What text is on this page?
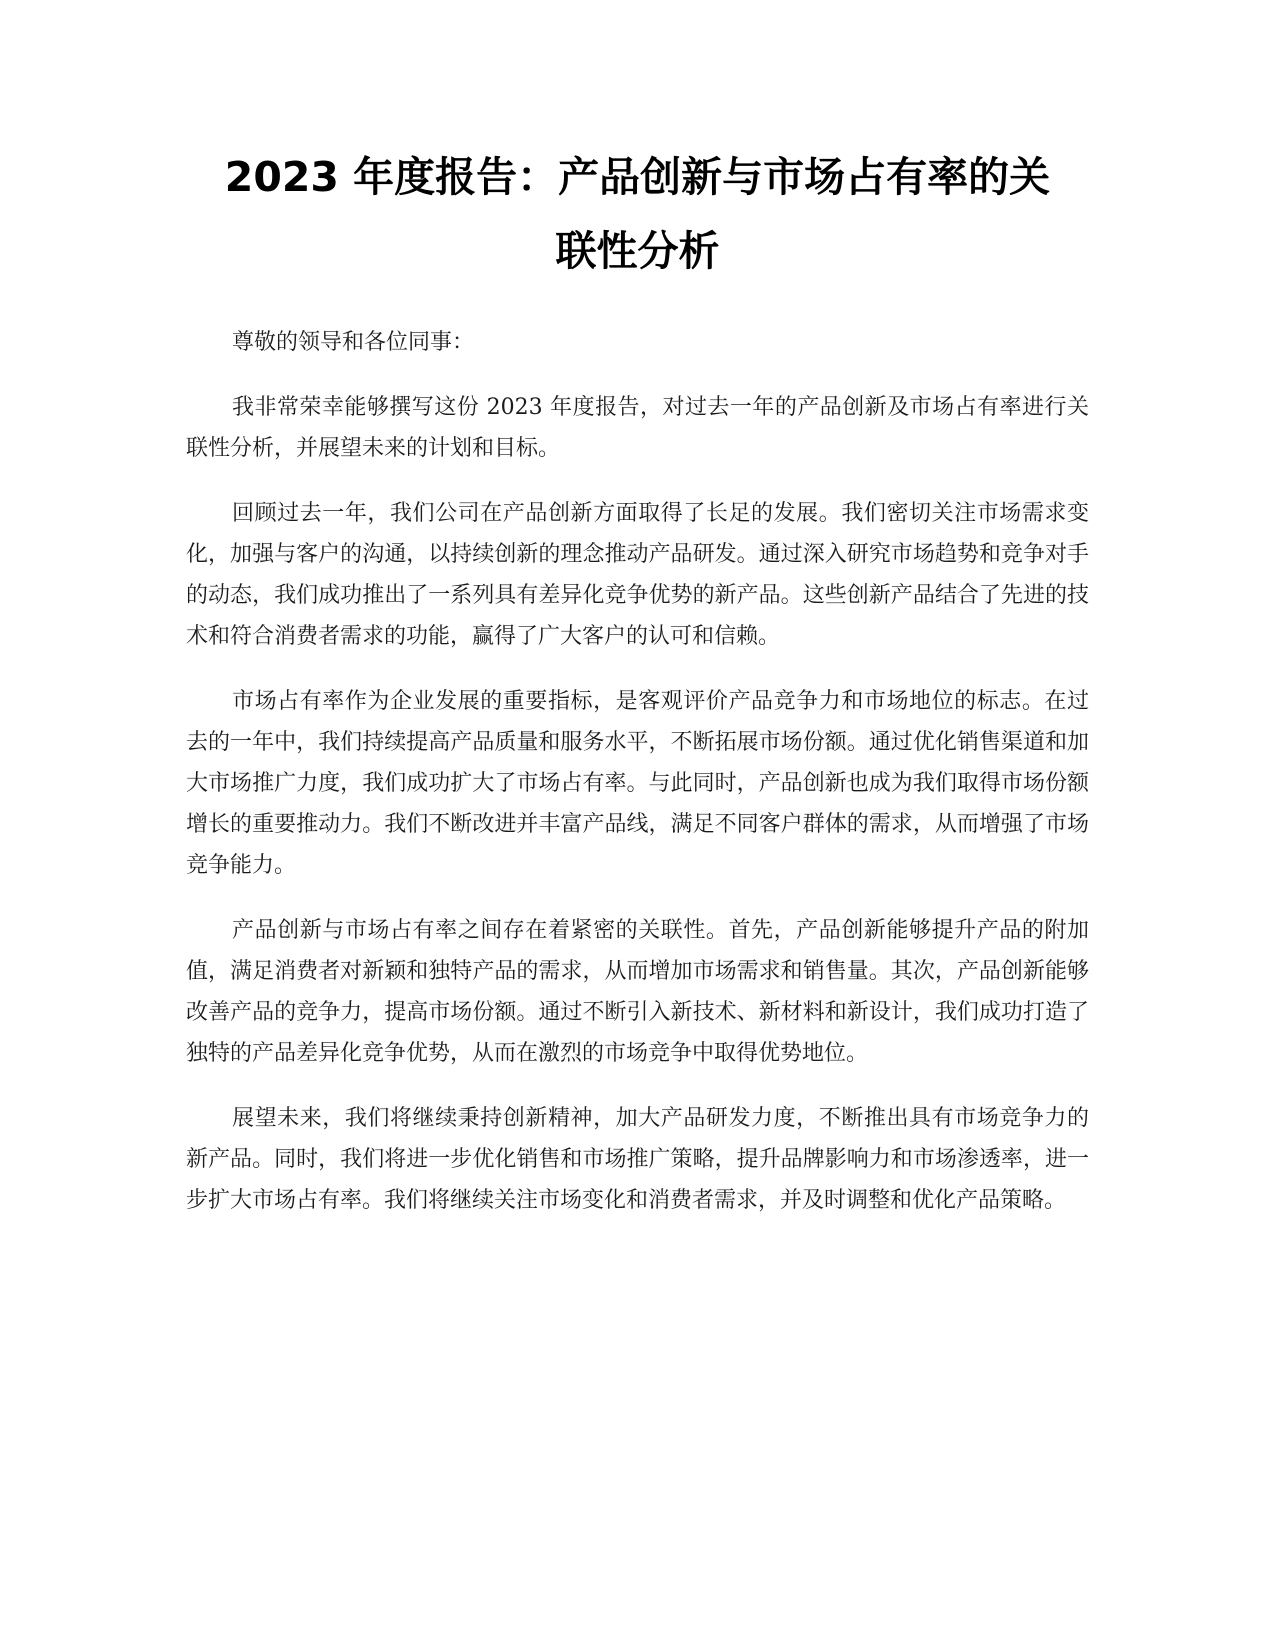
2023 年度报告：产品创新与市场占有率的关
联性分析

尊敬的领导和各位同事：

我非常荣幸能够撰写这份 2023 年度报告，对过去一年的产品创新及市场占有率进行关联性分析，并展望未来的计划和目标。

回顾过去一年，我们公司在产品创新方面取得了长足的发展。我们密切关注市场需求变化，加强与客户的沟通，以持续创新的理念推动产品研发。通过深入研究市场趋势和竞争对手的动态，我们成功推出了一系列具有差异化竞争优势的新产品。这些创新产品结合了先进的技术和符合消费者需求的功能，赢得了广大客户的认可和信赖。

市场占有率作为企业发展的重要指标，是客观评价产品竞争力和市场地位的标志。在过去的一年中，我们持续提高产品质量和服务水平，不断拓展市场份额。通过优化销售渠道和加大市场推广力度，我们成功扩大了市场占有率。与此同时，产品创新也成为我们取得市场份额增长的重要推动力。我们不断改进并丰富产品线，满足不同客户群体的需求，从而增强了市场竞争能力。

产品创新与市场占有率之间存在着紧密的关联性。首先，产品创新能够提升产品的附加值，满足消费者对新颖和独特产品的需求，从而增加市场需求和销售量。其次，产品创新能够改善产品的竞争力，提高市场份额。通过不断引入新技术、新材料和新设计，我们成功打造了独特的产品差异化竞争优势，从而在激烈的市场竞争中取得优势地位。

展望未来，我们将继续秉持创新精神，加大产品研发力度，不断推出具有市场竞争力的新产品。同时，我们将进一步优化销售和市场推广策略，提升品牌影响力和市场渗透率，进一步扩大市场占有率。我们将继续关注市场变化和消费者需求，并及时调整和优化产品策略。
